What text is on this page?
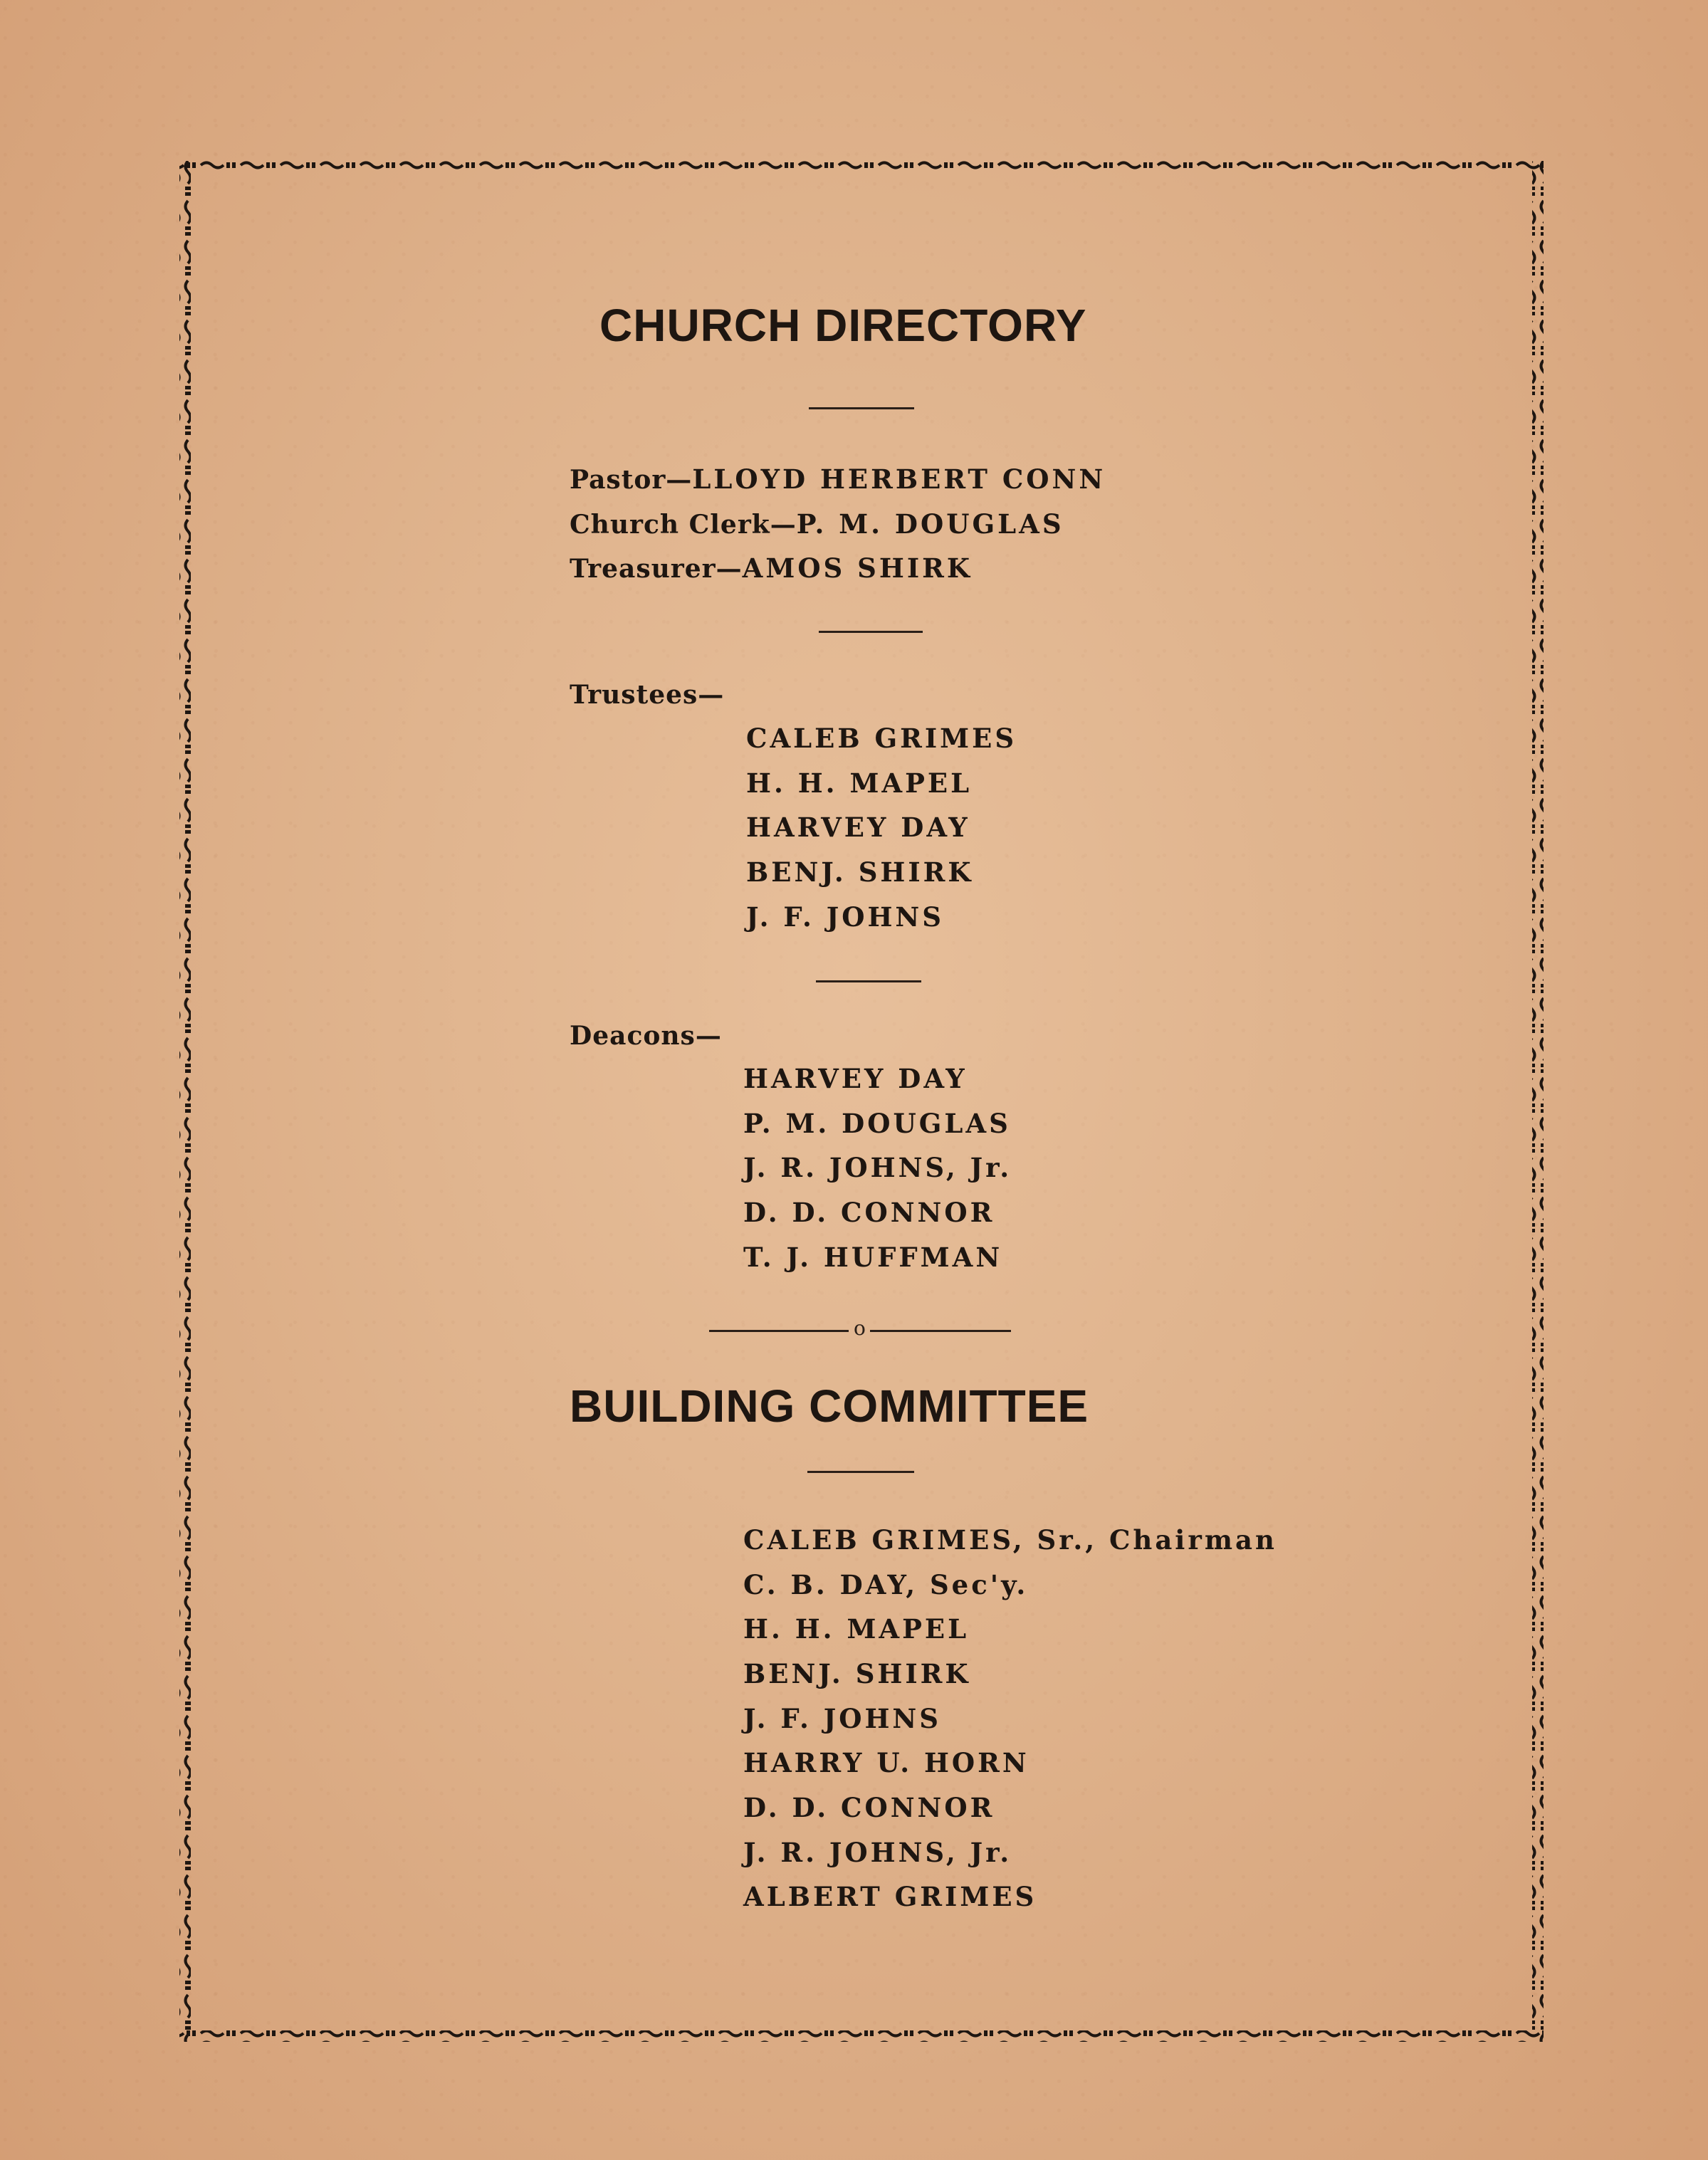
CHURCH DIRECTORY
Pastor—LLOYD HERBERT CONN
Church Clerk—P. M. DOUGLAS
Treasurer—AMOS SHIRK
Trustees—
CALEB GRIMES
H. H. MAPEL
HARVEY DAY
BENJ. SHIRK
J. F. JOHNS
Deacons—
HARVEY DAY
P. M. DOUGLAS
J. R. JOHNS, Jr.
D. D. CONNOR
T. J. HUFFMAN
o
BUILDING COMMITTEE
CALEB GRIMES, Sr., Chairman
C. B. DAY, Sec'y.
H. H. MAPEL
BENJ. SHIRK
J. F. JOHNS
HARRY U. HORN
D. D. CONNOR
J. R. JOHNS, Jr.
ALBERT GRIMES
